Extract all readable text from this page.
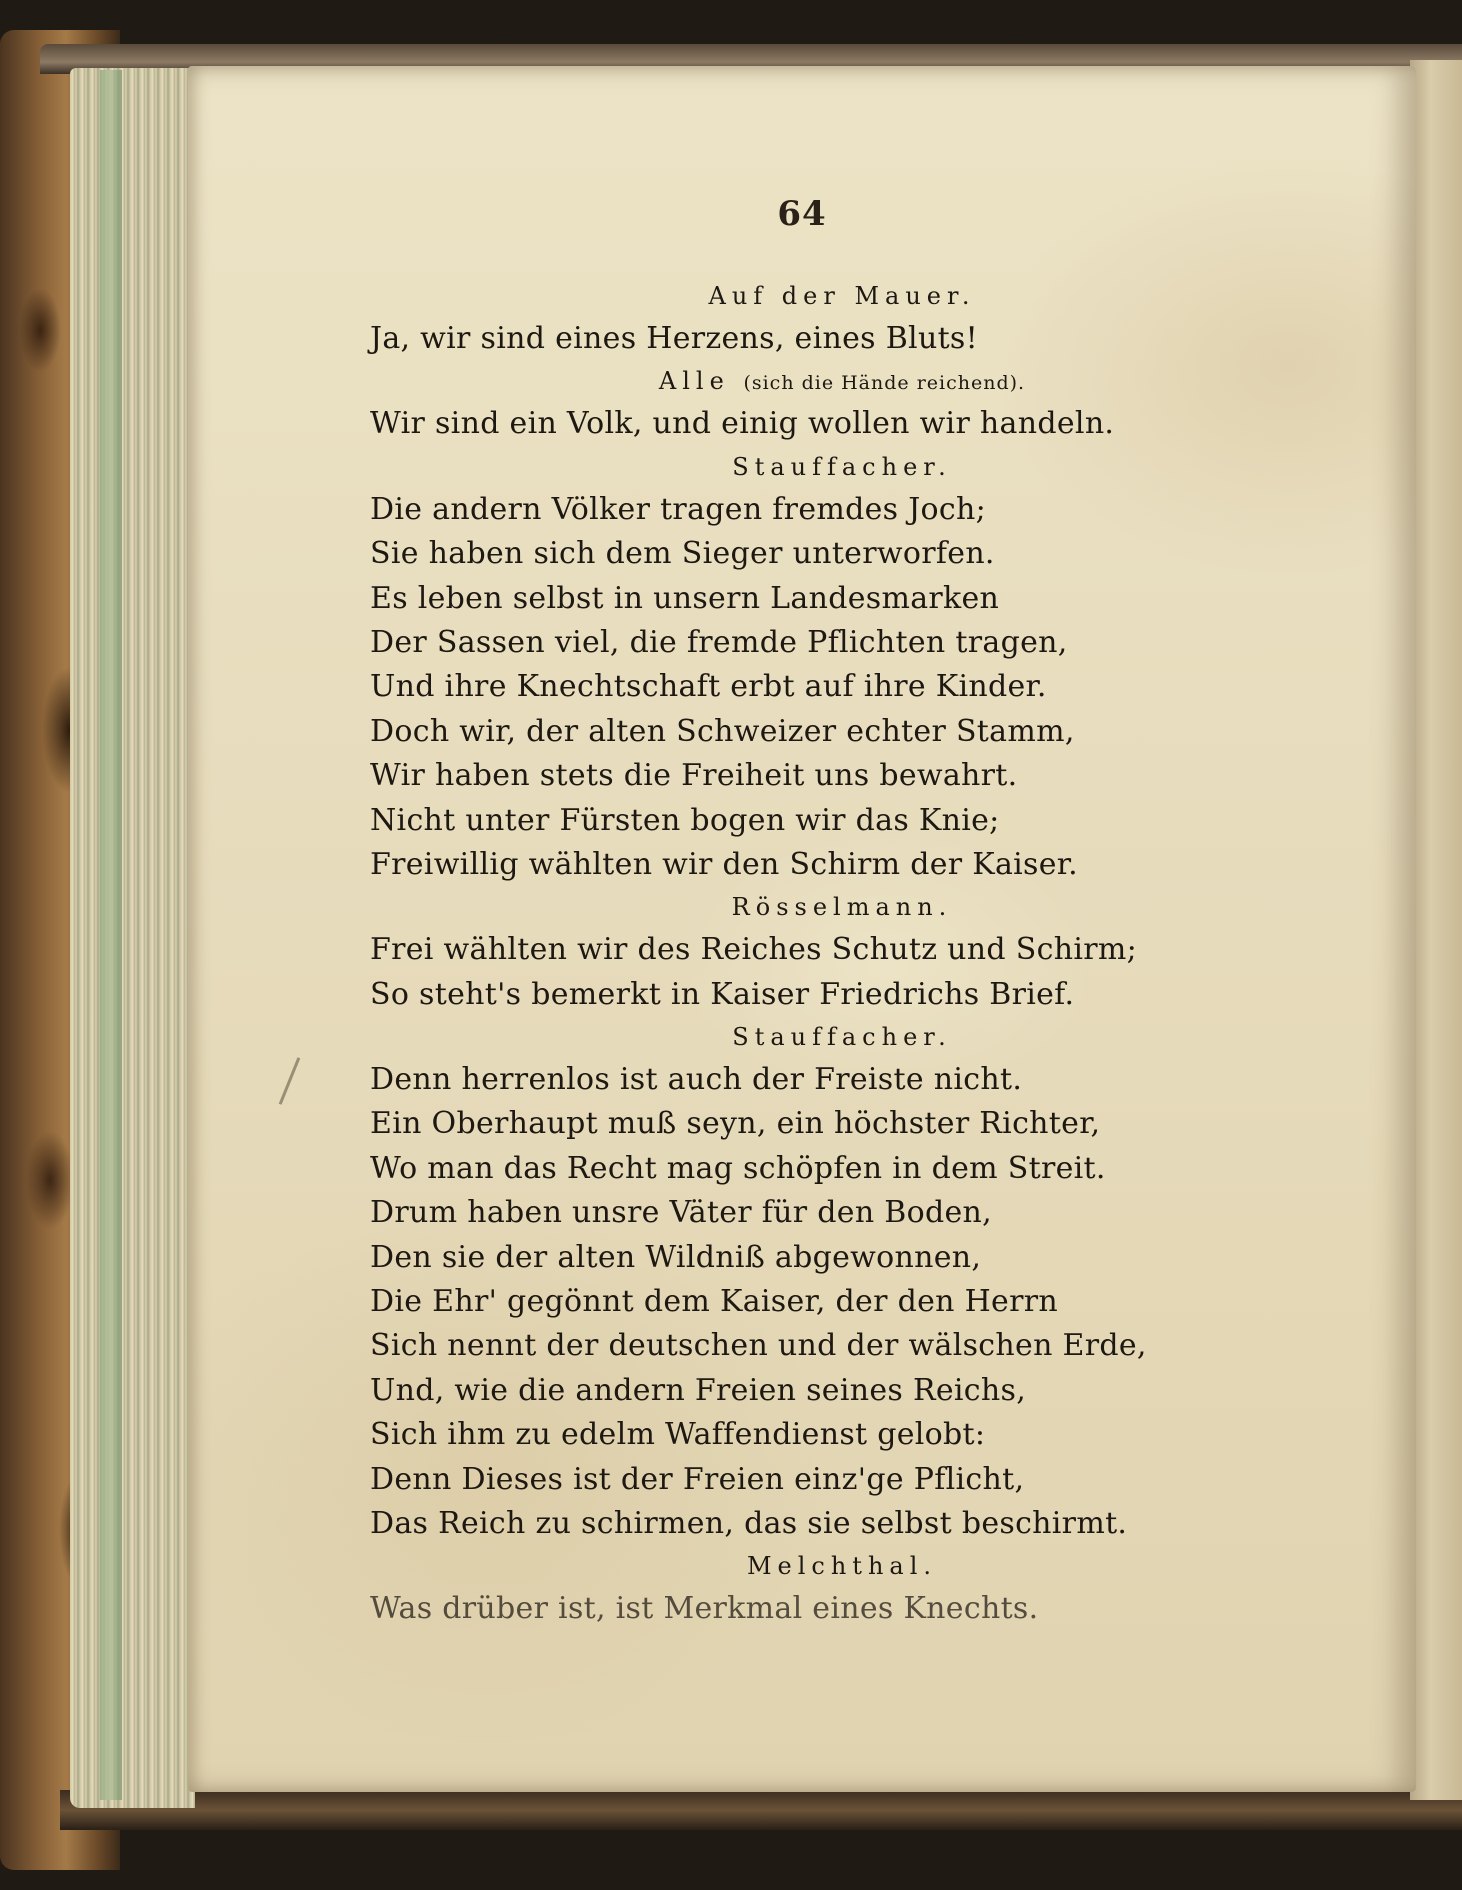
64
Auf der Mauer.
Ja, wir sind eines Herzens, eines Bluts!
Alle (sich die Hände reichend).
Wir sind ein Volk, und einig wollen wir handeln.
Stauffacher.
Die andern Völker tragen fremdes Joch;
Sie haben sich dem Sieger unterworfen.
Es leben selbst in unsern Landesmarken
Der Sassen viel, die fremde Pflichten tragen,
Und ihre Knechtschaft erbt auf ihre Kinder.
Doch wir, der alten Schweizer echter Stamm,
Wir haben stets die Freiheit uns bewahrt.
Nicht unter Fürsten bogen wir das Knie;
Freiwillig wählten wir den Schirm der Kaiser.
Rösselmann.
Frei wählten wir des Reiches Schutz und Schirm;
So steht's bemerkt in Kaiser Friedrichs Brief.
Stauffacher.
Denn herrenlos ist auch der Freiste nicht.
Ein Oberhaupt muß seyn, ein höchster Richter,
Wo man das Recht mag schöpfen in dem Streit.
Drum haben unsre Väter für den Boden,
Den sie der alten Wildniß abgewonnen,
Die Ehr' gegönnt dem Kaiser, der den Herrn
Sich nennt der deutschen und der wälschen Erde,
Und, wie die andern Freien seines Reichs,
Sich ihm zu edelm Waffendienst gelobt:
Denn Dieses ist der Freien einz'ge Pflicht,
Das Reich zu schirmen, das sie selbst beschirmt.
Melchthal.
Was drüber ist, ist Merkmal eines Knechts.
